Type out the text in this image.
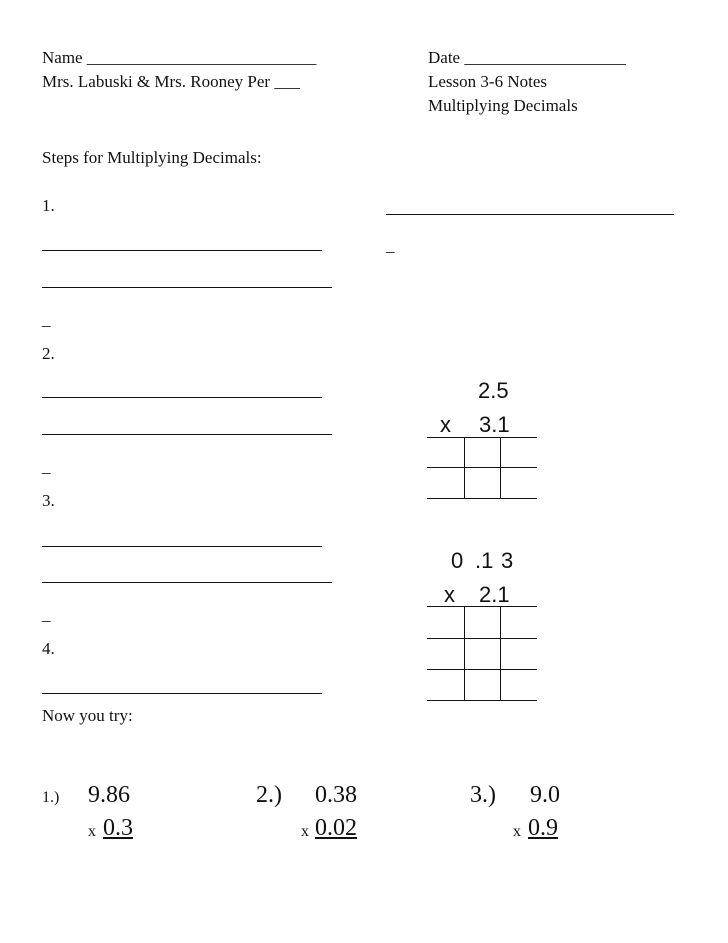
Name ___________________________
Mrs. Labuski & Mrs. Rooney Per ___
Date ___________________
Lesson 3-6 Notes
Multiplying Decimals
Steps for Multiplying Decimals:
1.
_
_
2.
_
3.
_
4.
2.5
x 3.1
0 .1 3
x 2.1
Now you try:
1.) 9.86
x 0.3
2.) 0.38
x 0.02
3.) 9.0
x 0.9
